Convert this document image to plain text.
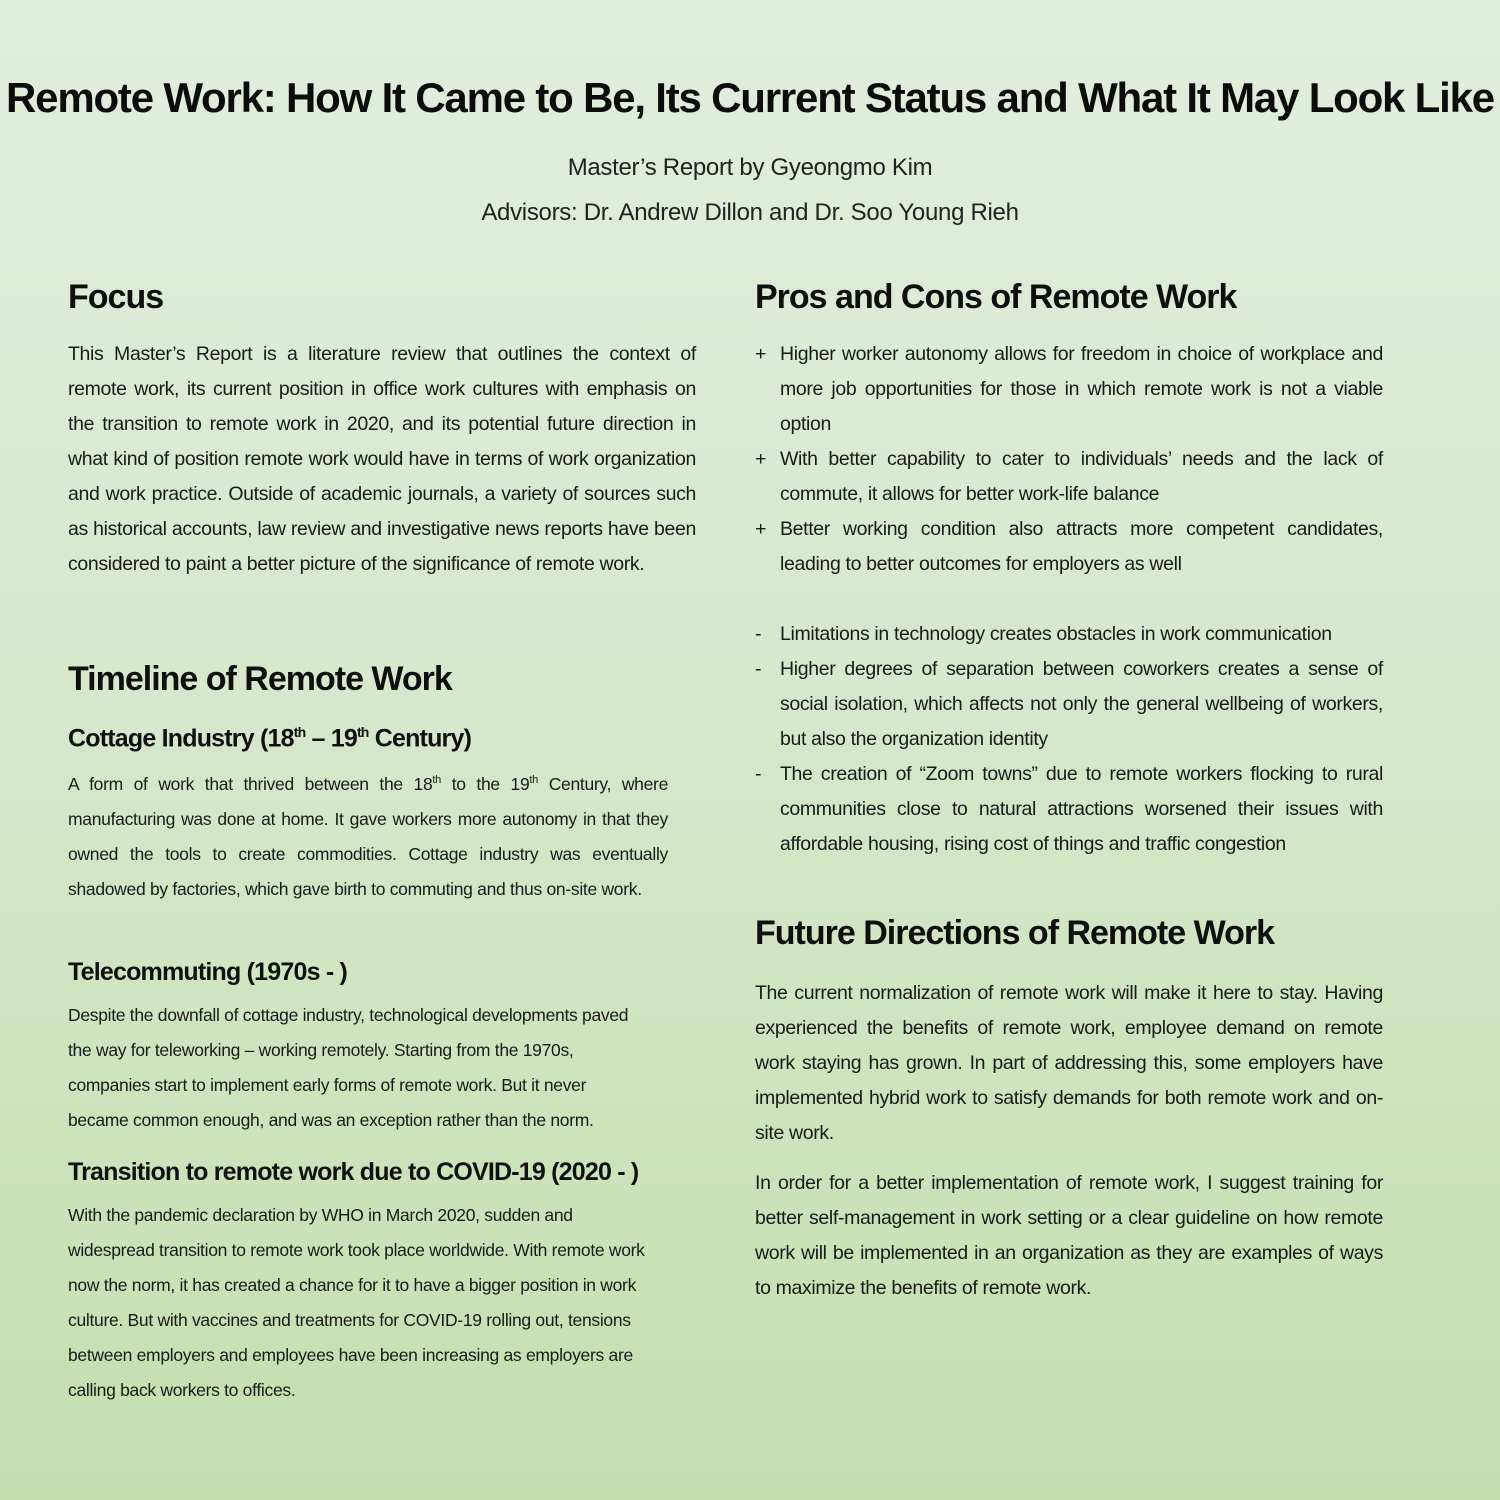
Remote Work: How It Came to Be, Its Current Status and What It May Look Like
Master’s Report by Gyeongmo Kim
Advisors: Dr. Andrew Dillon and Dr. Soo Young Rieh
Focus

This Master’s Report is a literature review that outlines the context of remote work, its current position in office work cultures with emphasis on the transition to remote work in 2020, and its potential future direction in what kind of position remote work would have in terms of work organization and work practice. Outside of academic journals, a variety of sources such as historical accounts, law review and investigative news reports have been considered to paint a better picture of the significance of remote work.

Timeline of Remote Work
Cottage Industry (18th – 19th Century)

A form of work that thrived between the 18th to the 19th Century, where manufacturing was done at home. It gave workers more autonomy in that they owned the tools to create commodities. Cottage industry was eventually shadowed by factories, which gave birth to commuting and thus on-site work.

Telecommuting (1970s - )

Despite the downfall of cottage industry, technological developments paved the way for teleworking – working remotely. Starting from the 1970s, companies start to implement early forms of remote work. But it never became common enough, and was an exception rather than the norm.

Transition to remote work due to COVID-19 (2020 - )

With the pandemic declaration by WHO in March 2020, sudden and widespread transition to remote work took place worldwide. With remote work now the norm, it has created a chance for it to have a bigger position in work culture. But with vaccines and treatments for COVID-19 rolling out, tensions between employers and employees have been increasing as employers are calling back workers to offices.

Pros and Cons of Remote Work
+ Higher worker autonomy allows for freedom in choice of workplace and more job opportunities for those in which remote work is not a viable option
+ With better capability to cater to individuals’ needs and the lack of commute, it allows for better work-life balance
+ Better working condition also attracts more competent candidates, leading to better outcomes for employers as well
- Limitations in technology creates obstacles in work communication
- Higher degrees of separation between coworkers creates a sense of social isolation, which affects not only the general wellbeing of workers, but also the organization identity
- The creation of “Zoom towns” due to remote workers flocking to rural communities close to natural attractions worsened their issues with affordable housing, rising cost of things and traffic congestion
Future Directions of Remote Work

The current normalization of remote work will make it here to stay. Having experienced the benefits of remote work, employee demand on remote work staying has grown. In part of addressing this, some employers have implemented hybrid work to satisfy demands for both remote work and on-site work.

In order for a better implementation of remote work, I suggest training for better self-management in work setting or a clear guideline on how remote work will be implemented in an organization as they are examples of ways to maximize the benefits of remote work.
